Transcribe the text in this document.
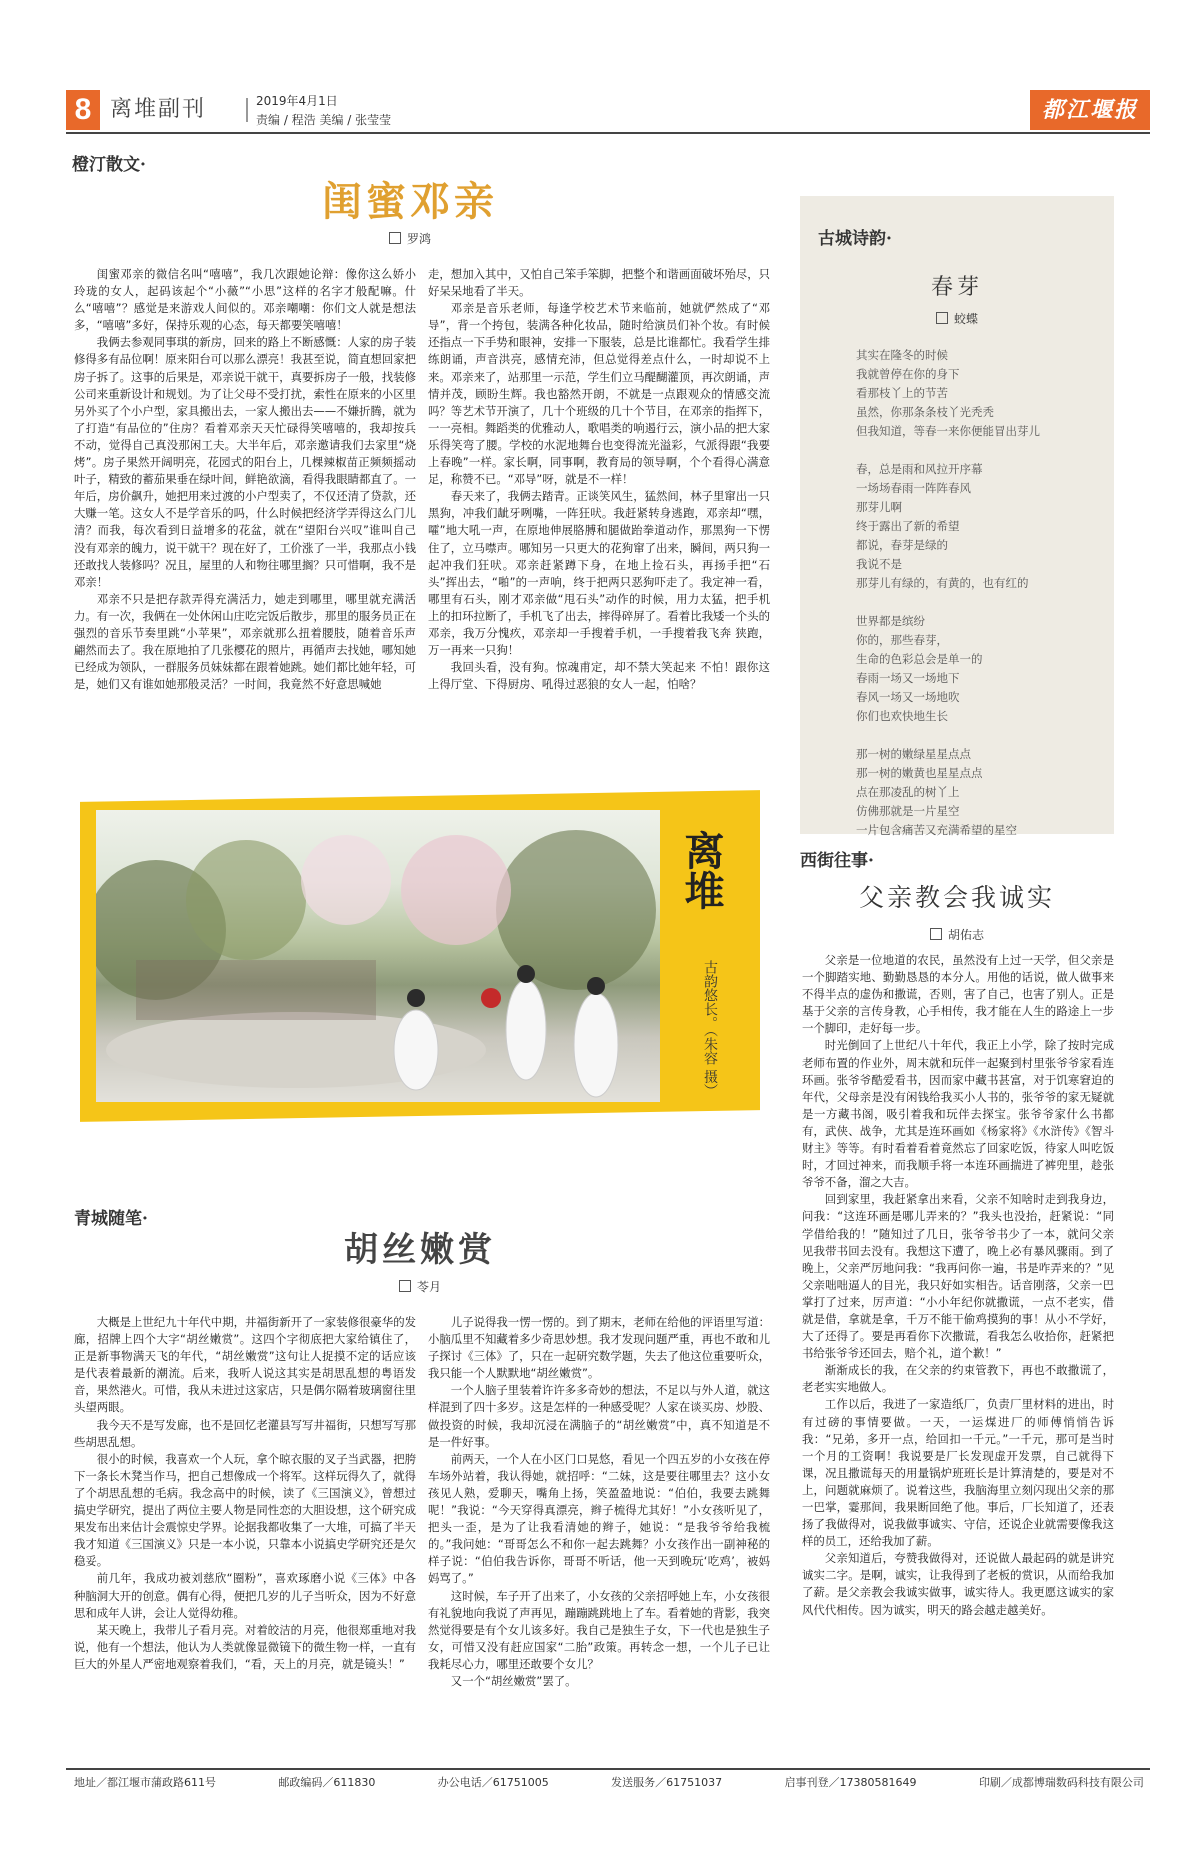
8 离堆副刊	2019年4月1日
责编 / 程浩 美编 / 张莹莹	都江堰报
橙汀散文·
闺蜜邓亲
罗鸿

闺蜜邓亲的微信名叫“嘻嘻”，我几次跟她论辩：像你这么娇小玲珑的女人，起码该起个“小薇”“小思”这样的名字才般配嘛。什么“嘻嘻”？感觉是来游戏人间似的。邓亲嘲嘲：你们文人就是想法多，“嘻嘻”多好，保持乐观的心态，每天都要笑嘻嘻！

我俩去参观同事琪的新房，回来的路上不断感慨：人家的房子装修得多有品位啊！原来阳台可以那么漂亮！我甚至说，简直想回家把房子拆了。这事的后果是，邓亲说干就干，真要拆房子一般，找装修公司来重新设计和规划。为了让父母不受打扰，索性在原来的小区里另外买了个小户型，家具搬出去，一家人搬出去——不嫌折腾，就为了打造“有品位的”住房？看着邓亲天天忙碌得笑嘻嘻的，我却按兵不动，觉得自己真没那闲工夫。大半年后，邓亲邀请我们去家里“烧烤”。房子果然开阔明亮，花园式的阳台上，几棵辣椒苗正频频摇动叶子，精致的蓄茄果垂在绿叶间，鲜艳欲滴，看得我眼睛都直了。一年后，房价飙升，她把用来过渡的小户型卖了，不仅还清了贷款，还大赚一笔。这女人不是学音乐的吗，什么时候把经济学弄得这么门儿清？而我，每次看到日益增多的花盆，就在“望阳台兴叹”谁叫自己没有邓亲的魄力，说干就干？现在好了，工价涨了一半，我那点小钱还敢找人装修吗？况且，屋里的人和物往哪里搁？只可惜啊，我不是邓亲！

邓亲不只是把存款弄得充满活力，她走到哪里，哪里就充满活力。有一次，我俩在一处休闲山庄吃完饭后散步，那里的服务员正在强烈的音乐节奏里跳“小苹果”，邓亲就那么扭着腰肢，随着音乐声翩然而去了。我在原地拍了几张樱花的照片，再循声去找她，哪知她已经成为领队，一群服务员妹妹都在跟着她跳。她们都比她年轻，可是，她们又有谁如她那般灵活？一时间，我竟然不好意思喊她

走，想加入其中，又怕自己笨手笨脚，把整个和谐画面破坏殆尽，只好呆呆地看了半天。

邓亲是音乐老师，每逢学校艺术节来临前，她就俨然成了“邓导”，背一个挎包，装满各种化妆品，随时给演员们补个妆。有时候还指点一下手势和眼神，安排一下服装，总是比谁都忙。我看学生排练朗诵，声音洪亮，感情充沛，但总觉得差点什么，一时却说不上来。邓亲来了，站那里一示范，学生们立马醍醐灌顶，再次朗诵，声情并茂，顾盼生辉。我也豁然开朗，不就是一点跟观众的情感交流吗？等艺术节开演了，几十个班级的几十个节目，在邓亲的指挥下，一一亮相。舞蹈类的优雅动人，歌唱类的响遏行云，演小品的把大家乐得笑弯了腰。学校的水泥地舞台也变得流光溢彩，气派得跟“我要上春晚”一样。家长啊，同事啊，教育局的领导啊，个个看得心满意足，称赞不已。“邓导”呀，就是不一样！

春天来了，我俩去踏青。正谈笑风生，猛然间，林子里窜出一只黑狗，冲我们龇牙咧嘴，一阵狂吠。我赶紧转身逃跑，邓亲却“嘿，嚯”地大吼一声，在原地伸展胳膊和腿做跆拳道动作，那黑狗一下愣住了，立马噤声。哪知另一只更大的花狗窜了出来，瞬间，两只狗一起冲我们狂吠。邓亲赶紧蹲下身，在地上捡石头，再扬手把“石头”挥出去，“啪”的一声响，终于把两只恶狗吓走了。我定神一看，哪里有石头，刚才邓亲做“甩石头”动作的时候，用力太猛，把手机上的扣环拉断了，手机飞了出去，摔得碎屏了。看着比我矮一个头的邓亲，我万分愧疚，邓亲却一手搜着手机，一手搜着我飞奔 狭跑，万一再来一只狗！

我回头看，没有狗。惊魂甫定，却不禁大笑起来 不怕！跟你这上得厅堂、下得厨房、吼得过恶狼的女人一起，怕啥？

离堆
古韵悠长。（朱容 摄）
古城诗韵·
春芽
蛟蝶
其实在隆冬的时候
我就曾停在你的身下
看那枝丫上的节苦
虽然，你那条条枝丫光秃秃
但我知道，等春一来你便能冒出芽儿
春，总是雨和风拉开序幕
一场场春雨一阵阵春风
那芽儿啊
终于露出了新的希望
都说，春芽是绿的
我说不是
那芽儿有绿的，有黄的，也有红的
世界都是缤纷
你的，那些春芽，
生命的色彩总会是单一的
春雨一场又一场地下
春风一场又一场地吹
你们也欢快地生长
那一树的嫩绿星星点点
那一树的嫩黄也星星点点
点在那凌乱的树丫上
仿佛那就是一片星空
一片包含痛苦又充满希望的星空
西街往事·
父亲教会我诚实
胡佑志

父亲是一位地道的农民，虽然没有上过一天学，但父亲是一个脚踏实地、勤勤恳恳的本分人。用他的话说，做人做事来不得半点的虚伪和撒谎，否则，害了自己，也害了别人。正是基于父亲的言传身教，心手相传，我才能在人生的路途上一步一个脚印，走好每一步。

时光倒回了上世纪八十年代，我正上小学，除了按时完成老师布置的作业外，周末就和玩伴一起聚到村里张爷爷家看连环画。张爷爷酷爱看书，因而家中藏书甚富，对于饥寒窘迫的年代，父母亲是没有闲钱给我买小人书的，张爷爷的家无疑就是一方藏书阁，吸引着我和玩伴去探宝。张爷爷家什么书都有，武侠、战争，尤其是连环画如《杨家将》《水浒传》《智斗财主》等等。有时看着看着竟然忘了回家吃饭，待家人叫吃饭时，才回过神来，而我顺手将一本连环画揣进了裤兜里，趁张爷爷不备，溜之大吉。

回到家里，我赶紧拿出来看，父亲不知啥时走到我身边，问我：“这连环画是哪儿弄来的？”我头也没抬，赶紧说：“同学借给我的！”随知过了几日，张爷爷书少了一本，就问父亲见我带书回去没有。我想这下遭了，晚上必有暴风骤雨。到了晚上，父亲严厉地问我：“我再问你一遍，书是咋弄来的？”见父亲咄咄逼人的目光，我只好如实相告。话音刚落，父亲一巴掌打了过来，厉声道：“小小年纪你就撒谎，一点不老实，借就是借，拿就是拿，千万不能干偷鸡摸狗的事！从小不学好，大了还得了。要是再看你下次撒谎，看我怎么收拾你，赶紧把书给张爷爷还回去，赔个礼，道个歉！”

渐渐成长的我，在父亲的约束管教下，再也不敢撒谎了，老老实实地做人。

工作以后，我进了一家造纸厂，负责厂里材料的进出，时有过磅的事情要做。一天，一运煤进厂的师傅悄悄告诉我：“兄弟，多开一点，给回扣一千元。”一千元，那可是当时一个月的工资啊！我说要是厂长发现虚开发票，自己就得下课，况且撒谎每天的用量锅炉班班长是计算清楚的，要是对不上，问题就麻烦了。说着这些，我脑海里立刻闪现出父亲的那一巴掌，霎那间，我果断回绝了他。事后，厂长知道了，还表扬了我做得对，说我做事诚实、守信，还说企业就需要像我这样的员工，还给我加了薪。

父亲知道后，夸赞我做得对，还说做人最起码的就是讲究诚实二字。是啊，诚实，让我得到了老板的赏识，从而给我加了薪。是父亲教会我诚实做事，诚实待人。我更愿这诚实的家风代代相传。因为诚实，明天的路会越走越美好。

青城随笔·
胡丝嫩赏
苓月

大概是上世纪九十年代中期，井福街新开了一家装修很豪华的发廊，招牌上四个大字“胡丝嫩赏”。这四个字彻底把大家给镇住了，正是新事物满天飞的年代，“胡丝嫩赏”这句让人捉摸不定的话应该是代表着最新的潮流。后来，我听人说这其实是胡思乱想的粤语发音，果然港火。可惜，我从未进过这家店，只是偶尔隔着玻璃窗往里头望两眼。

我今天不是写发廊，也不是回忆老灌县写写井福街，只想写写那些胡思乱想。

很小的时候，我喜欢一个人玩，拿个晾衣服的叉子当武器，把胯下一条长木凳当作马，把自己想像成一个将军。这样玩得久了，就得了个胡思乱想的毛病。我念高中的时候，读了《三国演义》，曾想过搞史学研究，提出了两位主要人物是同性恋的大胆设想，这个研究成果发布出来估计会震惊史学界。论据我都收集了一大堆，可搞了半天我才知道《三国演义》只是一本小说，只靠本小说搞史学研究还是欠稳妥。

前几年，我成功被刘慈欣“圈粉”，喜欢琢磨小说《三体》中各种脑洞大开的创意。偶有心得，便把几岁的儿子当听众，因为不好意思和成年人讲，会让人觉得幼稚。

某天晚上，我带儿子看月亮。对着皎洁的月亮，他很郑重地对我说，他有一个想法，他认为人类就像显微镜下的微生物一样，一直有巨大的外星人严密地观察着我们，“看，天上的月亮，就是镜头！”

儿子说得我一愣一愣的。到了期末，老师在给他的评语里写道：小脑瓜里不知藏着多少奇思妙想。我才发现问题严重，再也不敢和儿子探讨《三体》了，只在一起研究数学题，失去了他这位重要听众，我只能一个人默默地“胡丝嫩赏”。

一个人脑子里装着许许多多奇妙的想法，不足以与外人道，就这样混到了四十多岁。这是怎样的一种感受呢？人家在谈买房、炒股、做投资的时候，我却沉浸在满脑子的“胡丝嫩赏”中，真不知道是不是一件好事。

前两天，一个人在小区门口晃悠，看见一个四五岁的小女孩在停车场外站着，我认得她，就招呼：“二妹，这是要往哪里去？这小女孩见人熟，爱聊天，嘴角上扬，笑盈盈地说：“伯伯，我要去跳舞呢！”我说：“今天穿得真漂亮，辫子梳得尤其好！”小女孩听见了，把头一歪，是为了让我看清她的辫子，她说：“是我爷爷给我梳的。”我问她：“哥哥怎么不和你一起去跳舞？小女孩作出一副神秘的样子说：“伯伯我告诉你，哥哥不听话，他一天到晚玩‘吃鸡’，被妈妈骂了。”

这时候，车子开了出来了，小女孩的父亲招呼她上车，小女孩很有礼貌地向我说了声再见，蹦蹦跳跳地上了车。看着她的背影，我突然觉得要是有个女儿该多好。我自己是独生子女，下一代也是独生子女，可惜又没有赶应国家“二胎”政策。再转念一想，一个儿子已让我耗尽心力，哪里还敢要个女儿？

又一个“胡丝嫩赏”罢了。

地址／都江堰市蒲政路611号	邮政编码／611830	办公电话／61751005	发送服务／61751037	启事刊登／17380581649	印刷／成都博瑞数码科技有限公司
